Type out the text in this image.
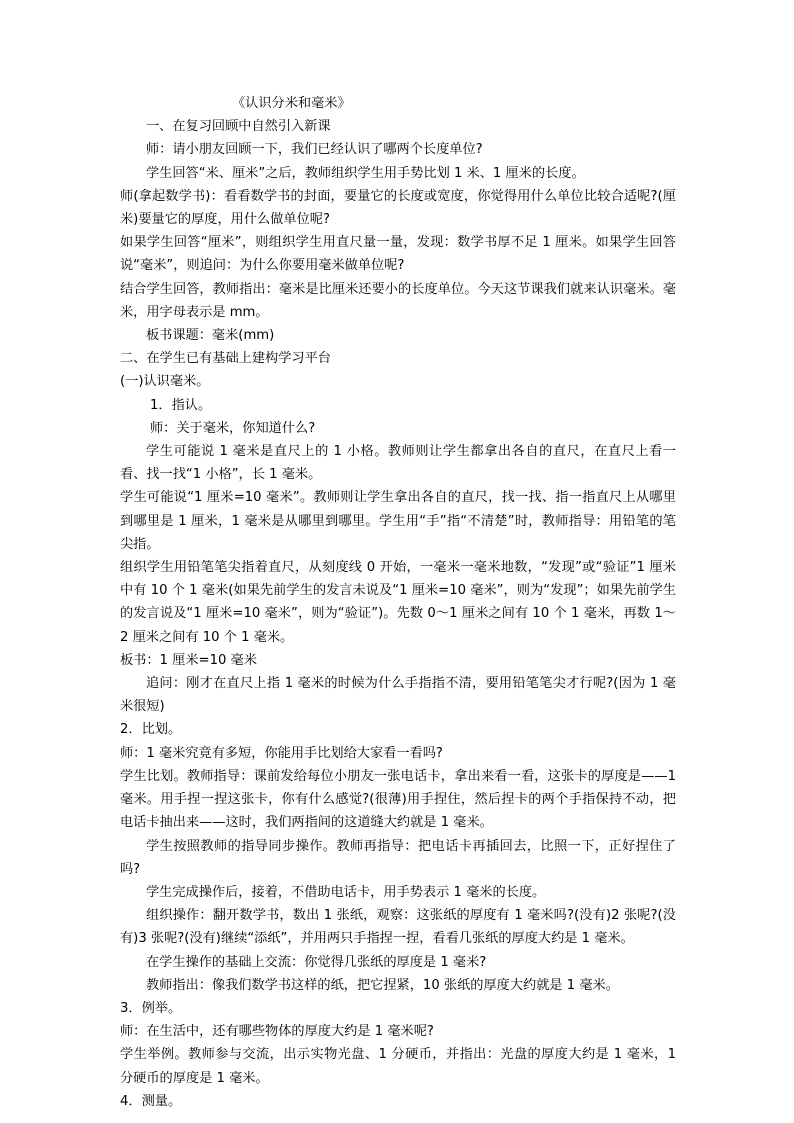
《认识分米和毫米》

一、在复习回顾中自然引入新课

师：请小朋友回顾一下，我们已经认识了哪两个长度单位?

学生回答“米、厘米”之后，教师组织学生用手势比划 1 米、1 厘米的长度。

师(拿起数学书)：看看数学书的封面，要量它的长度或宽度，你觉得用什么单位比较合适呢?(厘米)要量它的厚度，用什么做单位呢?

如果学生回答“厘米”，则组织学生用直尺量一量，发现：数学书厚不足 1 厘米。如果学生回答说“毫米”，则追问：为什么你要用毫米做单位呢?

结合学生回答，教师指出：毫米是比厘米还要小的长度单位。今天这节课我们就来认识毫米。毫米，用字母表示是 mm。

板书课题：毫米(mm)

二、在学生已有基础上建构学习平台

(一)认识毫米。

1．指认。

师：关于毫米，你知道什么?

学生可能说 1 毫米是直尺上的 1 小格。教师则让学生都拿出各自的直尺，在直尺上看一看、找一找“1 小格”，长 1 毫米。

学生可能说“1 厘米=10 毫米”。教师则让学生拿出各自的直尺，找一找、指一指直尺上从哪里到哪里是 1 厘米，1 毫米是从哪里到哪里。学生用“手”指“不清楚”时，教师指导：用铅笔的笔尖指。

组织学生用铅笔笔尖指着直尺，从刻度线 0 开始，一毫米一毫米地数，“发现”或“验证”1 厘米中有 10 个 1 毫米(如果先前学生的发言未说及“1 厘米=10 毫米”，则为“发现”；如果先前学生的发言说及“1 厘米=10 毫米”，则为“验证”)。先数 0～1 厘米之间有 10 个 1 毫米，再数 1～2 厘米之间有 10 个 1 毫米。

板书：1 厘米=10 毫米

追问：刚才在直尺上指 1 毫米的时候为什么手指指不清，要用铅笔笔尖才行呢?(因为 1 毫米很短)

2．比划。

师：1 毫米究竟有多短，你能用手比划给大家看一看吗?

学生比划。教师指导：课前发给每位小朋友一张电话卡，拿出来看一看，这张卡的厚度是——1 毫米。用手捏一捏这张卡，你有什么感觉?(很薄)用手捏住，然后捏卡的两个手指保持不动，把电话卡抽出来——这时，我们两指间的这道缝大约就是 1 毫米。

学生按照教师的指导同步操作。教师再指导：把电话卡再插回去，比照一下，正好捏住了吗?

学生完成操作后，接着，不借助电话卡，用手势表示 1 毫米的长度。

组织操作：翻开数学书，数出 1 张纸，观察：这张纸的厚度有 1 毫米吗?(没有)2 张呢?(没有)3 张呢?(没有)继续“添纸”，并用两只手指捏一捏，看看几张纸的厚度大约是 1 毫米。

在学生操作的基础上交流：你觉得几张纸的厚度是 1 毫米?

教师指出：像我们数学书这样的纸，把它捏紧，10 张纸的厚度大约就是 1 毫米。

3．例举。

师：在生活中，还有哪些物体的厚度大约是 1 毫米呢?

学生举例。教师参与交流，出示实物光盘、1 分硬币，并指出：光盘的厚度大约是 1 毫米，1 分硬币的厚度是 1 毫米。

4．测量。
